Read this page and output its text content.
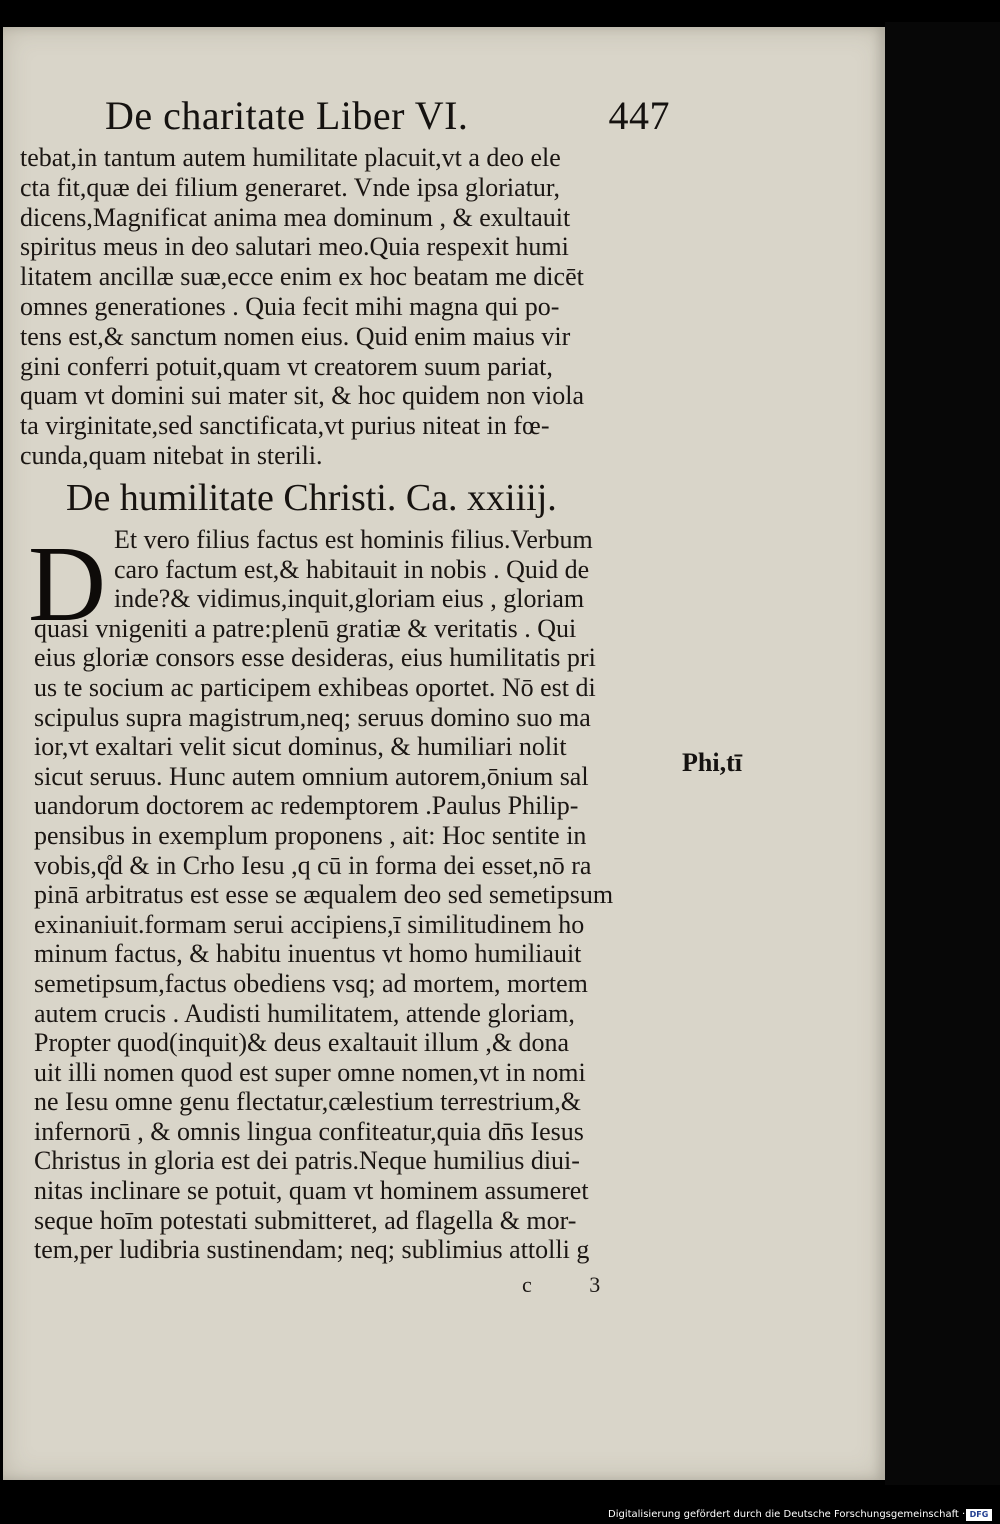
De charitate Liber VI.	447
tebat,in tantum autem humilitate placuit,vt a deo ele
cta fit,quæ dei filium generaret. Vnde ipsa gloriatur,
dicens,Magnificat anima mea dominum , & exultauit
spiritus meus in deo salutari meo.Quia respexit humi
litatem ancillæ suæ,ecce enim ex hoc beatam me dicēt
omnes generationes . Quia fecit mihi magna qui po-
tens est,& sanctum nomen eius. Quid enim maius vir
gini conferri potuit,quam vt creatorem suum pariat,
quam vt domini sui mater sit, & hoc quidem non viola
ta virginitate,sed sanctificata,vt purius niteat in fœ-
cunda,quam nitebat in sterili.
De humilitate Christi. Ca. xxiiij.
D Et vero filius factus est hominis filius.Verbum
caro factum est,& habitauit in nobis . Quid de
inde?& vidimus,inquit,gloriam eius , gloriam
quasi vnigeniti a patre:plenū gratiæ & veritatis . Qui
eius gloriæ consors esse desideras, eius humilitatis pri
us te socium ac participem exhibeas oportet. Nō est di
scipulus supra magistrum,neq; seruus domino suo ma
ior,vt exaltari velit sicut dominus, & humiliari nolit
sicut seruus. Hunc autem omnium autorem,ōnium sal
uandorum doctorem ac redemptorem .Paulus Philip-
pensibus in exemplum proponens , ait: Hoc sentite in
vobis,q̊d & in Crho Iesu ,q cū in forma dei esset,nō ra
pinā arbitratus est esse se æqualem deo sed semetipsum
exinaniuit.formam serui accipiens,ī similitudinem ho
minum factus, & habitu inuentus vt homo humiliauit
semetipsum,factus obediens vsq; ad mortem, mortem
autem crucis . Audisti humilitatem, attende gloriam,
Propter quod(inquit)& deus exaltauit illum ,& dona
uit illi nomen quod est super omne nomen,vt in nomi
ne Iesu omne genu flectatur,cælestium terrestrium,&
infernorū , & omnis lingua confiteatur,quia dn̄s Iesus
Christus in gloria est dei patris.Neque humilius diui-
nitas inclinare se potuit, quam vt hominem assumeret
seque hoīm potestati submitteret, ad flagella & mor-
tem,per ludibria sustinendam; neq; sublimius attolli g
Phi,tī
c 3
Digitalisierung gefördert durch die Deutsche Forschungsgemeinschaft · DFG
